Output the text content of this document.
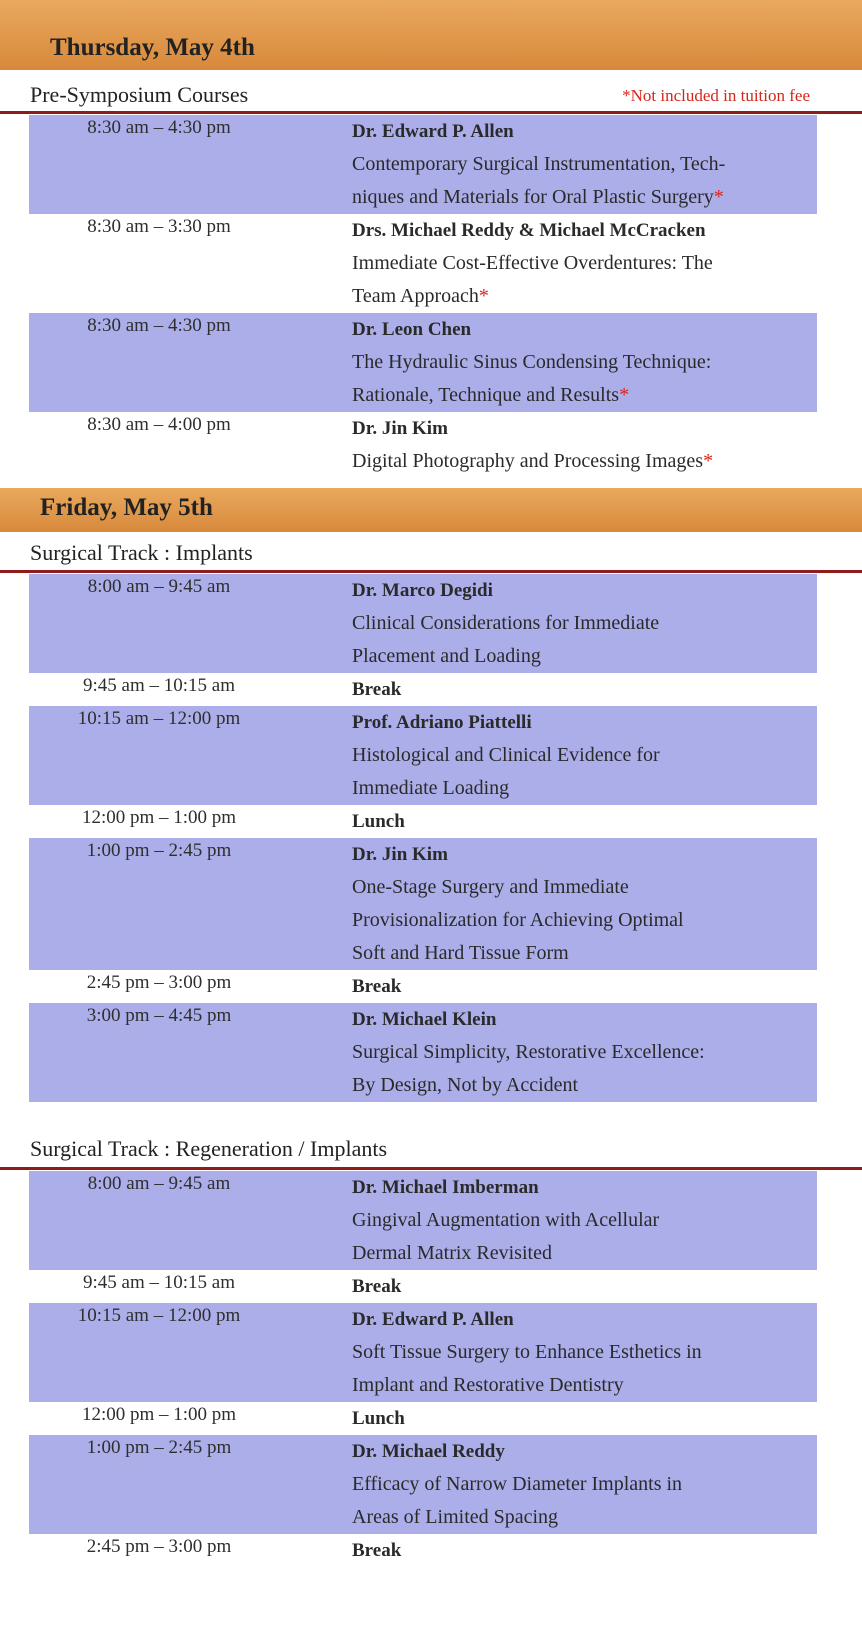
Thursday, May 4th
Pre-Symposium Courses	*Not included in tuition fee
8:30 am – 4:30 pm	Dr. Edward P. Allen
Contemporary Surgical Instrumentation, Tech-
niques and Materials for Oral Plastic Surgery*
8:30 am – 3:30 pm	Drs. Michael Reddy & Michael McCracken
Immediate Cost-Effective Overdentures: The
Team Approach*
8:30 am – 4:30 pm	Dr. Leon Chen
The Hydraulic Sinus Condensing Technique:
Rationale, Technique and Results*
8:30 am – 4:00 pm	Dr. Jin Kim
Digital Photography and Processing Images*
Friday, May 5th
Surgical Track : Implants
8:00 am – 9:45 am	Dr. Marco Degidi
Clinical Considerations for Immediate
Placement and Loading
9:45 am – 10:15 am	Break
10:15 am – 12:00 pm	Prof. Adriano Piattelli
Histological and Clinical Evidence for
Immediate Loading
12:00 pm – 1:00 pm	Lunch
1:00 pm – 2:45 pm	Dr. Jin Kim
One-Stage Surgery and Immediate
Provisionalization for Achieving Optimal
Soft and Hard Tissue Form
2:45 pm – 3:00 pm	Break
3:00 pm – 4:45 pm	Dr. Michael Klein
Surgical Simplicity, Restorative Excellence:
By Design, Not by Accident
Surgical Track : Regeneration / Implants
8:00 am – 9:45 am	Dr. Michael Imberman
Gingival Augmentation with Acellular
Dermal Matrix Revisited
9:45 am – 10:15 am	Break
10:15 am – 12:00 pm	Dr. Edward P. Allen
Soft Tissue Surgery to Enhance Esthetics in
Implant and Restorative Dentistry
12:00 pm – 1:00 pm	Lunch
1:00 pm – 2:45 pm	Dr. Michael Reddy
Efficacy of Narrow Diameter Implants in
Areas of Limited Spacing
2:45 pm – 3:00 pm	Break
